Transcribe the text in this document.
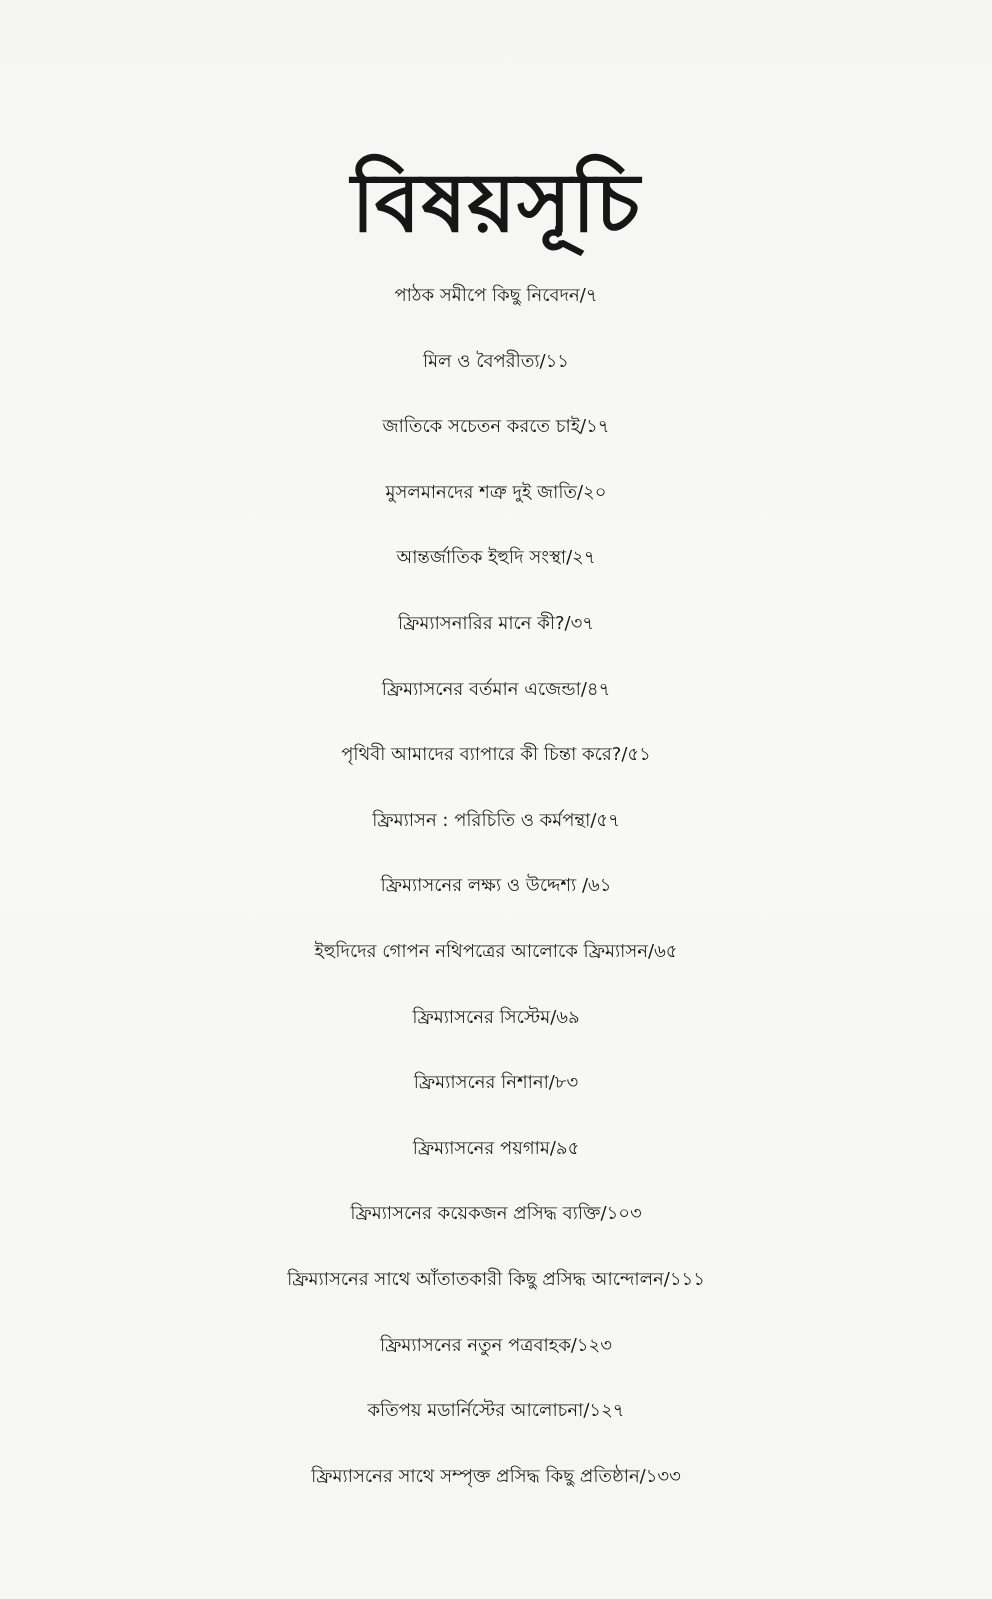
বিষয়সূচি
পাঠক সমীপে কিছু নিবেদন/৭
মিল ও বৈপরীত্য/১১
জাতিকে সচেতন করতে চাই/১৭
মুসলমানদের শত্রু দুই জাতি/২০
আন্তর্জাতিক ইহুদি সংস্থা/২৭
ফ্রিম্যাসনারির মানে কী?/৩৭
ফ্রিম্যাসনের বর্তমান এজেন্ডা/৪৭
পৃথিবী আমাদের ব্যাপারে কী চিন্তা করে?/৫১
ফ্রিম্যাসন : পরিচিতি ও কর্মপন্থা/৫৭
ফ্রিম্যাসনের লক্ষ্য ও উদ্দেশ্য /৬১
ইহুদিদের গোপন নথিপত্রের আলোকে ফ্রিম্যাসন/৬৫
ফ্রিম্যাসনের সিস্টেম/৬৯
ফ্রিম্যাসনের নিশানা/৮৩
ফ্রিম্যাসনের পয়গাম/৯৫
ফ্রিম্যাসনের কয়েকজন প্রসিদ্ধ ব্যক্তি/১০৩
ফ্রিম্যাসনের সাথে আঁতাতকারী কিছু প্রসিদ্ধ আন্দোলন/১১১
ফ্রিম্যাসনের নতুন পত্রবাহক/১২৩
কতিপয় মডার্নিস্টের আলোচনা/১২৭
ফ্রিম্যাসনের সাথে সম্পৃক্ত প্রসিদ্ধ কিছু প্রতিষ্ঠান/১৩৩
